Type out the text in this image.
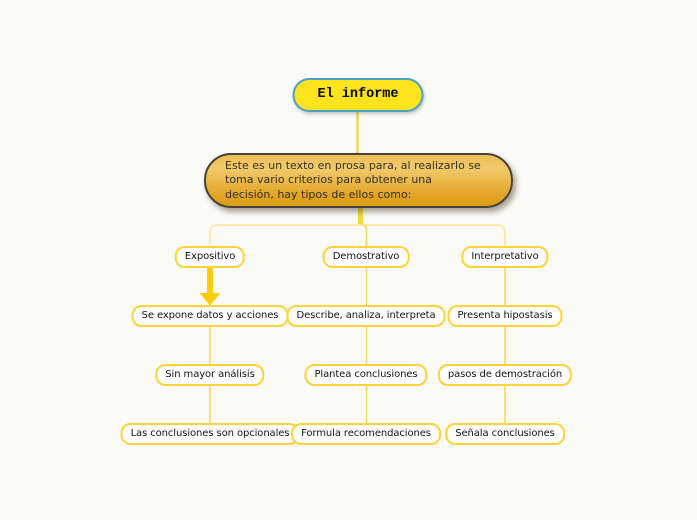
El informe
Este es un texto en prosa para, al realizarlo se toma vario criterios para obtener una decisión, hay tipos de ellos como:
Expositivo	Demostrativo	Interpretativo
Se expone datos y acciones	Describe, analiza, interpreta	Presenta hipostasis
Sin mayor análisis	Plantea conclusiones	pasos de demostración
Las conclusiones son opcionales	Formula recomendaciones	Señala conclusiones
